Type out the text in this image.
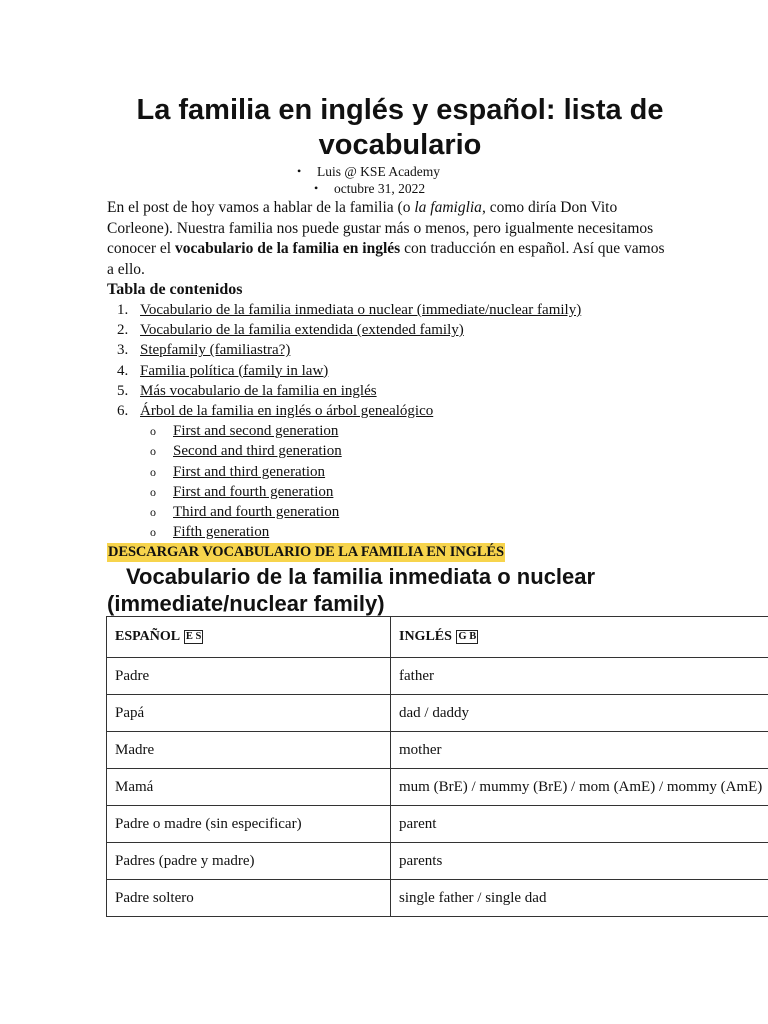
La familia en inglés y español: lista de vocabulario
• Luis @ KSE Academy
• octubre 31, 2022

En el post de hoy vamos a hablar de la familia (o la famiglia, como diría Don Vito Corleone). Nuestra familia nos puede gustar más o menos, pero igualmente necesitamos conocer el vocabulario de la familia en inglés con traducción en español. Así que vamos a ello.

Tabla de contenidos

1. Vocabulario de la familia inmediata o nuclear (immediate/nuclear family)
2. Vocabulario de la familia extendida (extended family)
3. Stepfamily (familiastra?)
4. Familia política (family in law)
5. Más vocabulario de la familia en inglés
6. Árbol de la familia en inglés o árbol genealógico
o First and second generation
o Second and third generation
o First and third generation
o First and fourth generation
o Third and fourth generation
o Fifth generation

DESCARGAR VOCABULARIO DE LA FAMILIA EN INGLÉS

Vocabulario de la familia inmediata o nuclear (immediate/nuclear family)
ESPAÑOL E S	INGLÉS G B
Padre	father
Papá	dad / daddy
Madre	mother
Mamá	mum (BrE) / mummy (BrE) / mom (AmE) / mommy (AmE)
Padre o madre (sin especificar)	parent
Padres (padre y madre)	parents
Padre soltero	single father / single dad
